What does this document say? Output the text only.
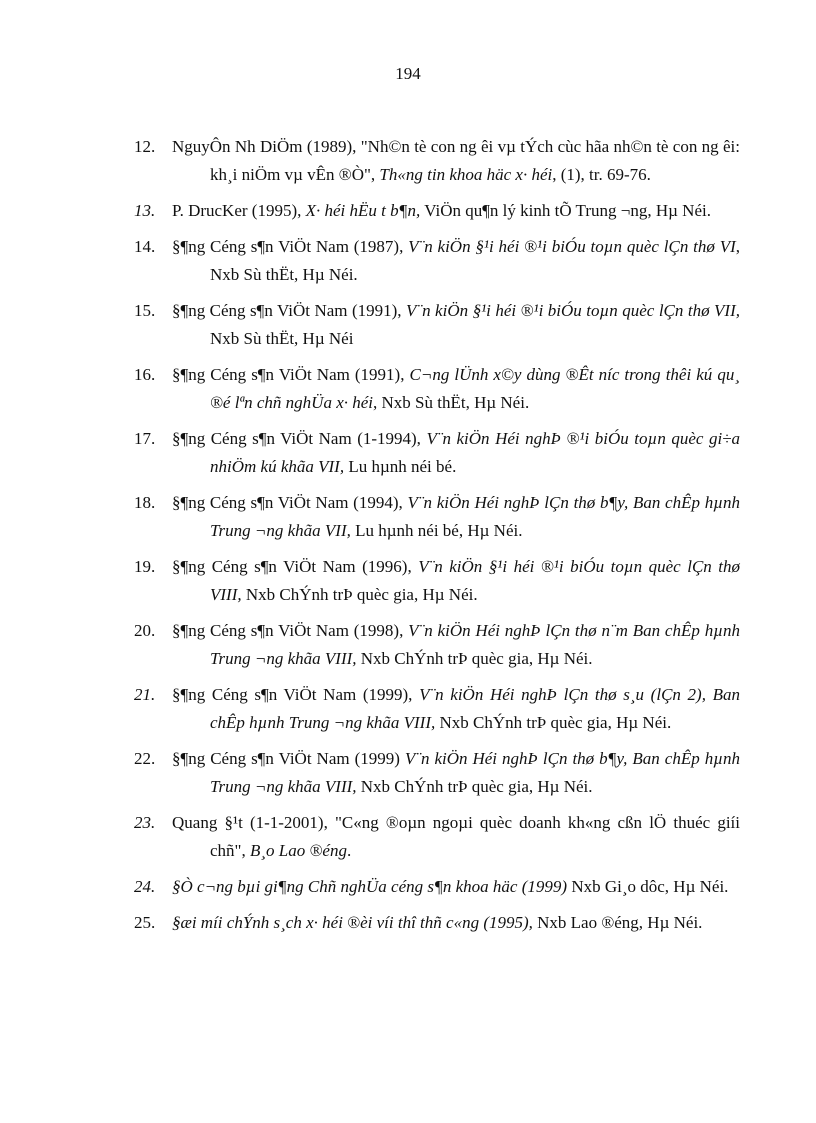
194

12. NguyÔn Nh DiÖm (1989), "Nh©n tè con ng êi vµ tÝch cùc hãa nh©n tè con ng êi: kh¸i niÖm vµ vÊn ®Ò", Th«ng tin khoa häc x· héi, (1), tr. 69-76.

13. P. DrucKer (1995), X· héi hËu t b¶n, ViÖn qu¶n lý kinh tÕ Trung ¬ng, Hµ Néi.

14. §¶ng Céng s¶n ViÖt Nam (1987), V¨n kiÖn §¹i héi ®¹i biÓu toµn quèc lÇn thø VI, Nxb Sù thËt, Hµ Néi.

15. §¶ng Céng s¶n ViÖt Nam (1991), V¨n kiÖn §¹i héi ®¹i biÓu toµn quèc lÇn thø VII, Nxb Sù thËt, Hµ Néi

16. §¶ng Céng s¶n ViÖt Nam (1991), C¬ng lÜnh x©y dùng ®Êt níc trong thêi kú qu¸ ®é lªn chñ nghÜa x· héi, Nxb Sù thËt, Hµ Néi.

17. §¶ng Céng s¶n ViÖt Nam (1-1994), V¨n kiÖn Héi nghÞ ®¹i biÓu toµn quèc gi÷a nhiÖm kú khãa VII, Lu hµnh néi bé.

18. §¶ng Céng s¶n ViÖt Nam (1994), V¨n kiÖn Héi nghÞ lÇn thø b¶y, Ban chÊp hµnh Trung ¬ng khãa VII, Lu hµnh néi bé, Hµ Néi.

19. §¶ng Céng s¶n ViÖt Nam (1996), V¨n kiÖn §¹i héi ®¹i biÓu toµn quèc lÇn thø VIII, Nxb ChÝnh trÞ quèc gia, Hµ Néi.

20. §¶ng Céng s¶n ViÖt Nam (1998), V¨n kiÖn Héi nghÞ lÇn thø n¨m Ban chÊp hµnh Trung ¬ng khãa VIII, Nxb ChÝnh trÞ quèc gia, Hµ Néi.

21. §¶ng Céng s¶n ViÖt Nam (1999), V¨n kiÖn Héi nghÞ lÇn thø s¸u (lÇn 2), Ban chÊp hµnh Trung ¬ng khãa VIII, Nxb ChÝnh trÞ quèc gia, Hµ Néi.

22. §¶ng Céng s¶n ViÖt Nam (1999) V¨n kiÖn Héi nghÞ lÇn thø b¶y, Ban chÊp hµnh Trung ¬ng khãa VIII, Nxb ChÝnh trÞ quèc gia, Hµ Néi.

23. Quang §¹t (1-1-2001), "C«ng ®oµn ngoµi quèc doanh kh«ng cßn lÖ thuéc giíi chñ", B¸o Lao ®éng.

24. §Ò c¬ng bµi gi¶ng Chñ nghÜa céng s¶n khoa häc (1999) Nxb Gi¸o dôc, Hµ Néi.

25. §æi míi chÝnh s¸ch x· héi ®èi víi thî thñ c«ng (1995), Nxb Lao ®éng, Hµ Néi.
